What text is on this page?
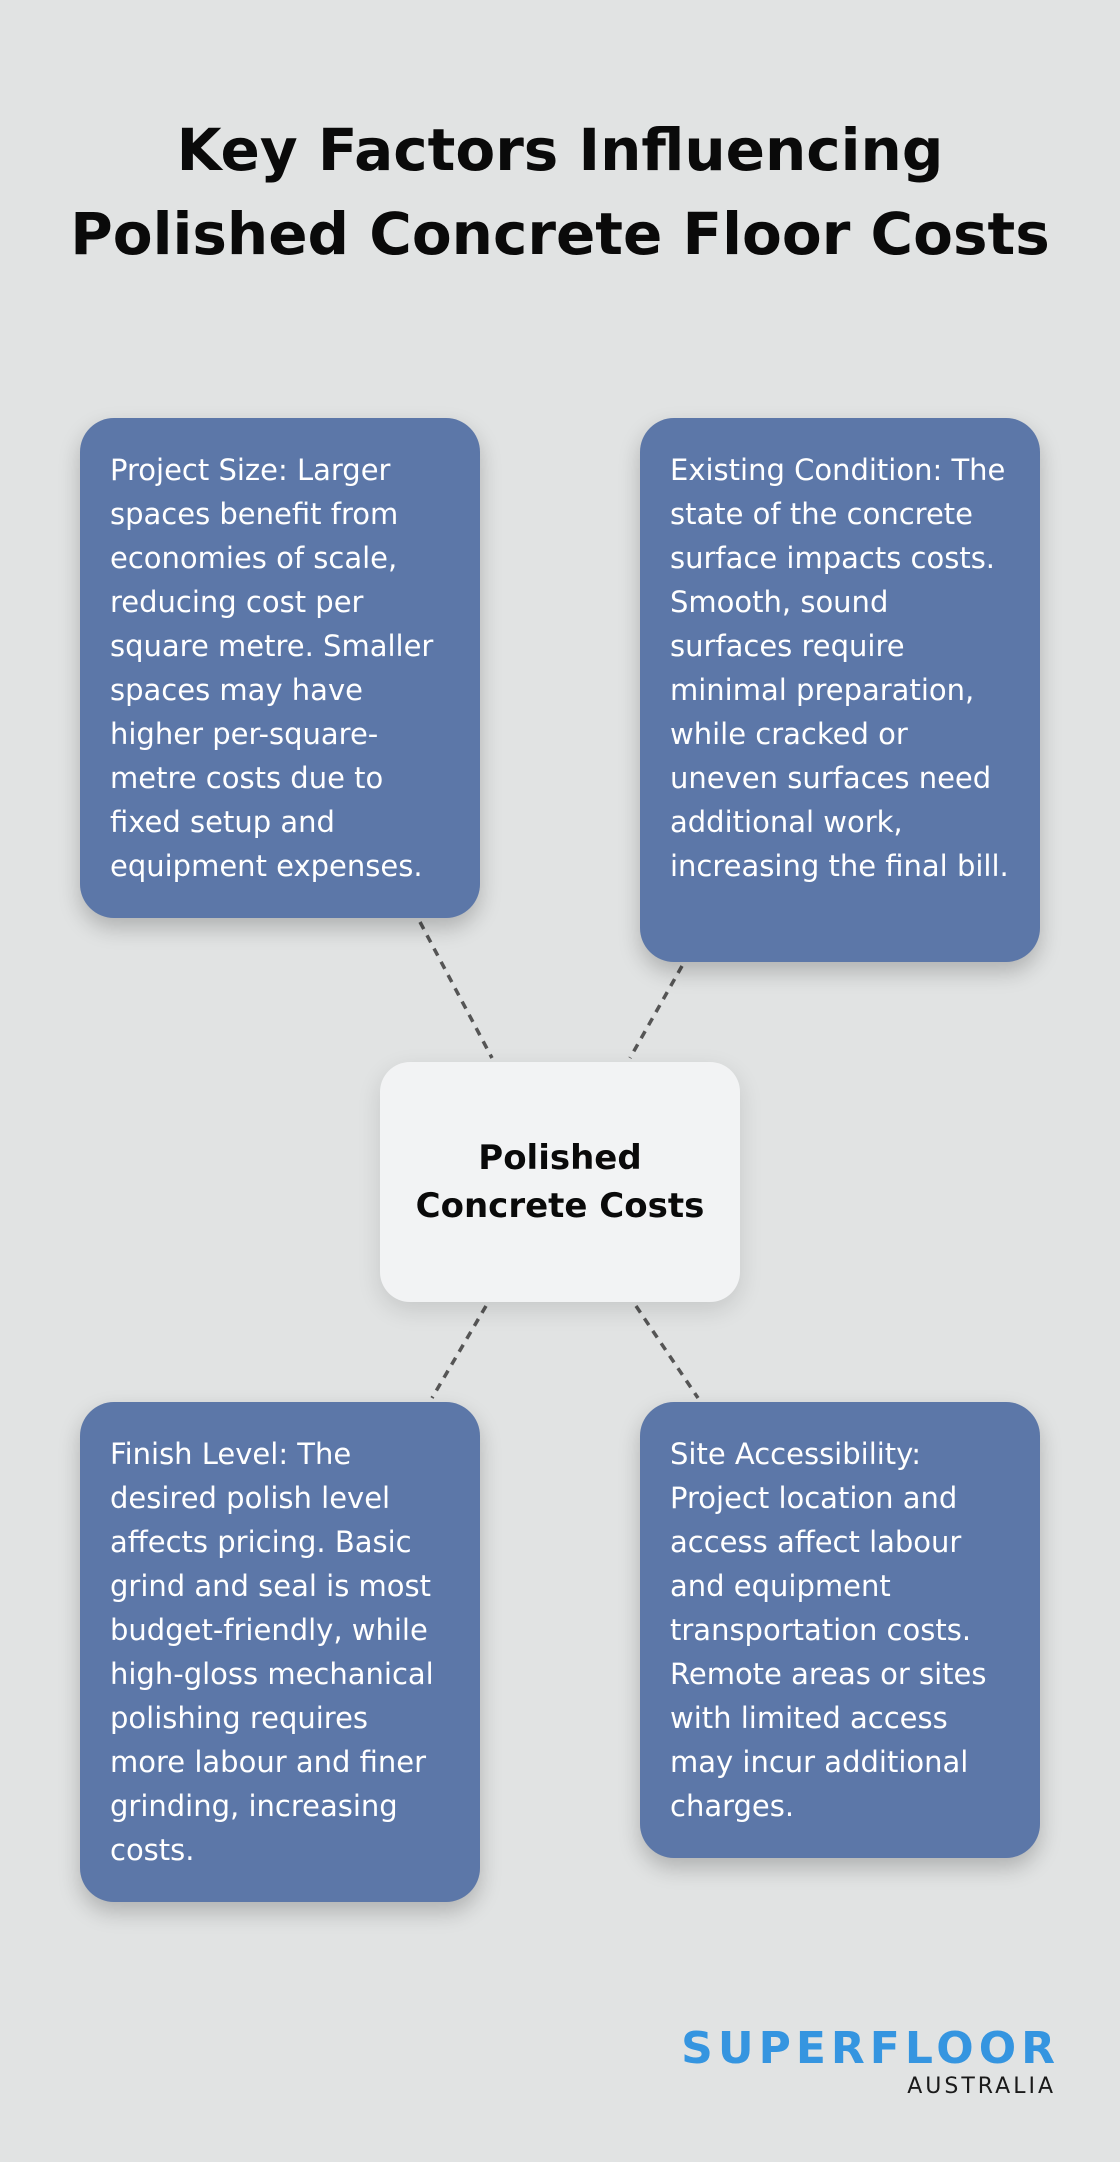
Key Factors Influencing
Polished Concrete Floor Costs
Project Size: Larger spaces benefit from economies of scale, reducing cost per square metre. Smaller spaces may have higher per-square-metre costs due to fixed setup and equipment expenses.
Existing Condition: The state of the concrete surface impacts costs. Smooth, sound surfaces require minimal preparation, while cracked or uneven surfaces need additional work, increasing the final bill.
Polished Concrete Costs
Finish Level: The desired polish level affects pricing. Basic grind and seal is most budget-friendly, while high-gloss mechanical polishing requires more labour and finer grinding, increasing costs.
Site Accessibility: Project location and access affect labour and equipment transportation costs. Remote areas or sites with limited access may incur additional charges.
SUPERFLOOR
AUSTRALIA
